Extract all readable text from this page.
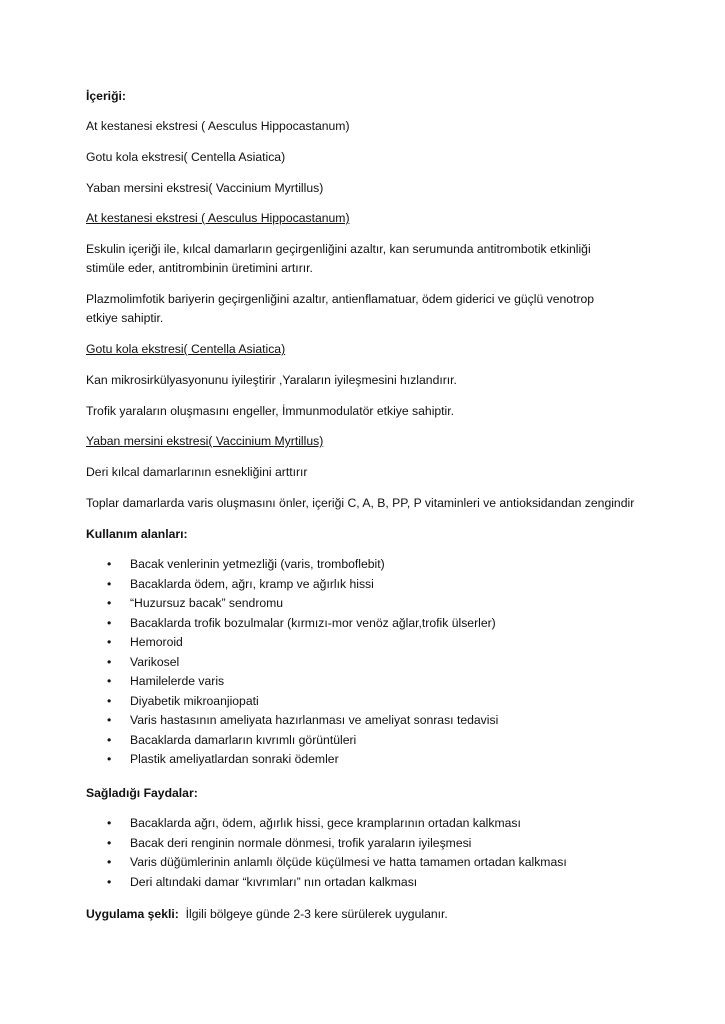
İçeriği:
At kestanesi ekstresi ( Aesculus Hippocastanum)
Gotu kola ekstresi( Centella Asiatica)
Yaban mersini ekstresi( Vaccinium Myrtillus)
At kestanesi ekstresi ( Aesculus Hippocastanum)
Eskulin içeriği ile, kılcal damarların geçirgenliğini azaltır, kan serumunda antitrombotik etkinliği
stimüle eder, antitrombinin üretimini artırır.
Plazmolimfotik bariyerin geçirgenliğini azaltır, antienflamatuar, ödem giderici ve güçlü venotrop
etkiye sahiptir.
Gotu kola ekstresi( Centella Asiatica)
Kan mikrosirkülyasyonunu iyileştirir ,Yaraların iyileşmesini hızlandırır.
Trofik yaraların oluşmasını engeller, İmmunmodulatör etkiye sahiptir.
Yaban mersini ekstresi( Vaccinium Myrtillus)
Deri kılcal damarlarının esnekliğini arttırır
Toplar damarlarda varis oluşmasını önler, içeriği C, A, B, PP, P vitaminleri ve antioksidandan zengindir
Kullanım alanları:
• Bacak venlerinin yetmezliği (varis, tromboflebit)
• Bacaklarda ödem, ağrı, kramp ve ağırlık hissi
• “Huzursuz bacak” sendromu
• Bacaklarda trofik bozulmalar (kırmızı-mor venöz ağlar,trofik ülserler)
• Hemoroid
• Varikosel
• Hamilelerde varis
• Diyabetik mikroanjiopati
• Varis hastasının ameliyata hazırlanması ve ameliyat sonrası tedavisi
• Bacaklarda damarların kıvrımlı görüntüleri
• Plastik ameliyatlardan sonraki ödemler
Sağladığı Faydalar:
• Bacaklarda ağrı, ödem, ağırlık hissi, gece kramplarının ortadan kalkması
• Bacak deri renginin normale dönmesi, trofik yaraların iyileşmesi
• Varis düğümlerinin anlamlı ölçüde küçülmesi ve hatta tamamen ortadan kalkması
• Deri altındaki damar “kıvrımları” nın ortadan kalkması
Uygulama şekli: İlgili bölgeye günde 2-3 kere sürülerek uygulanır.
